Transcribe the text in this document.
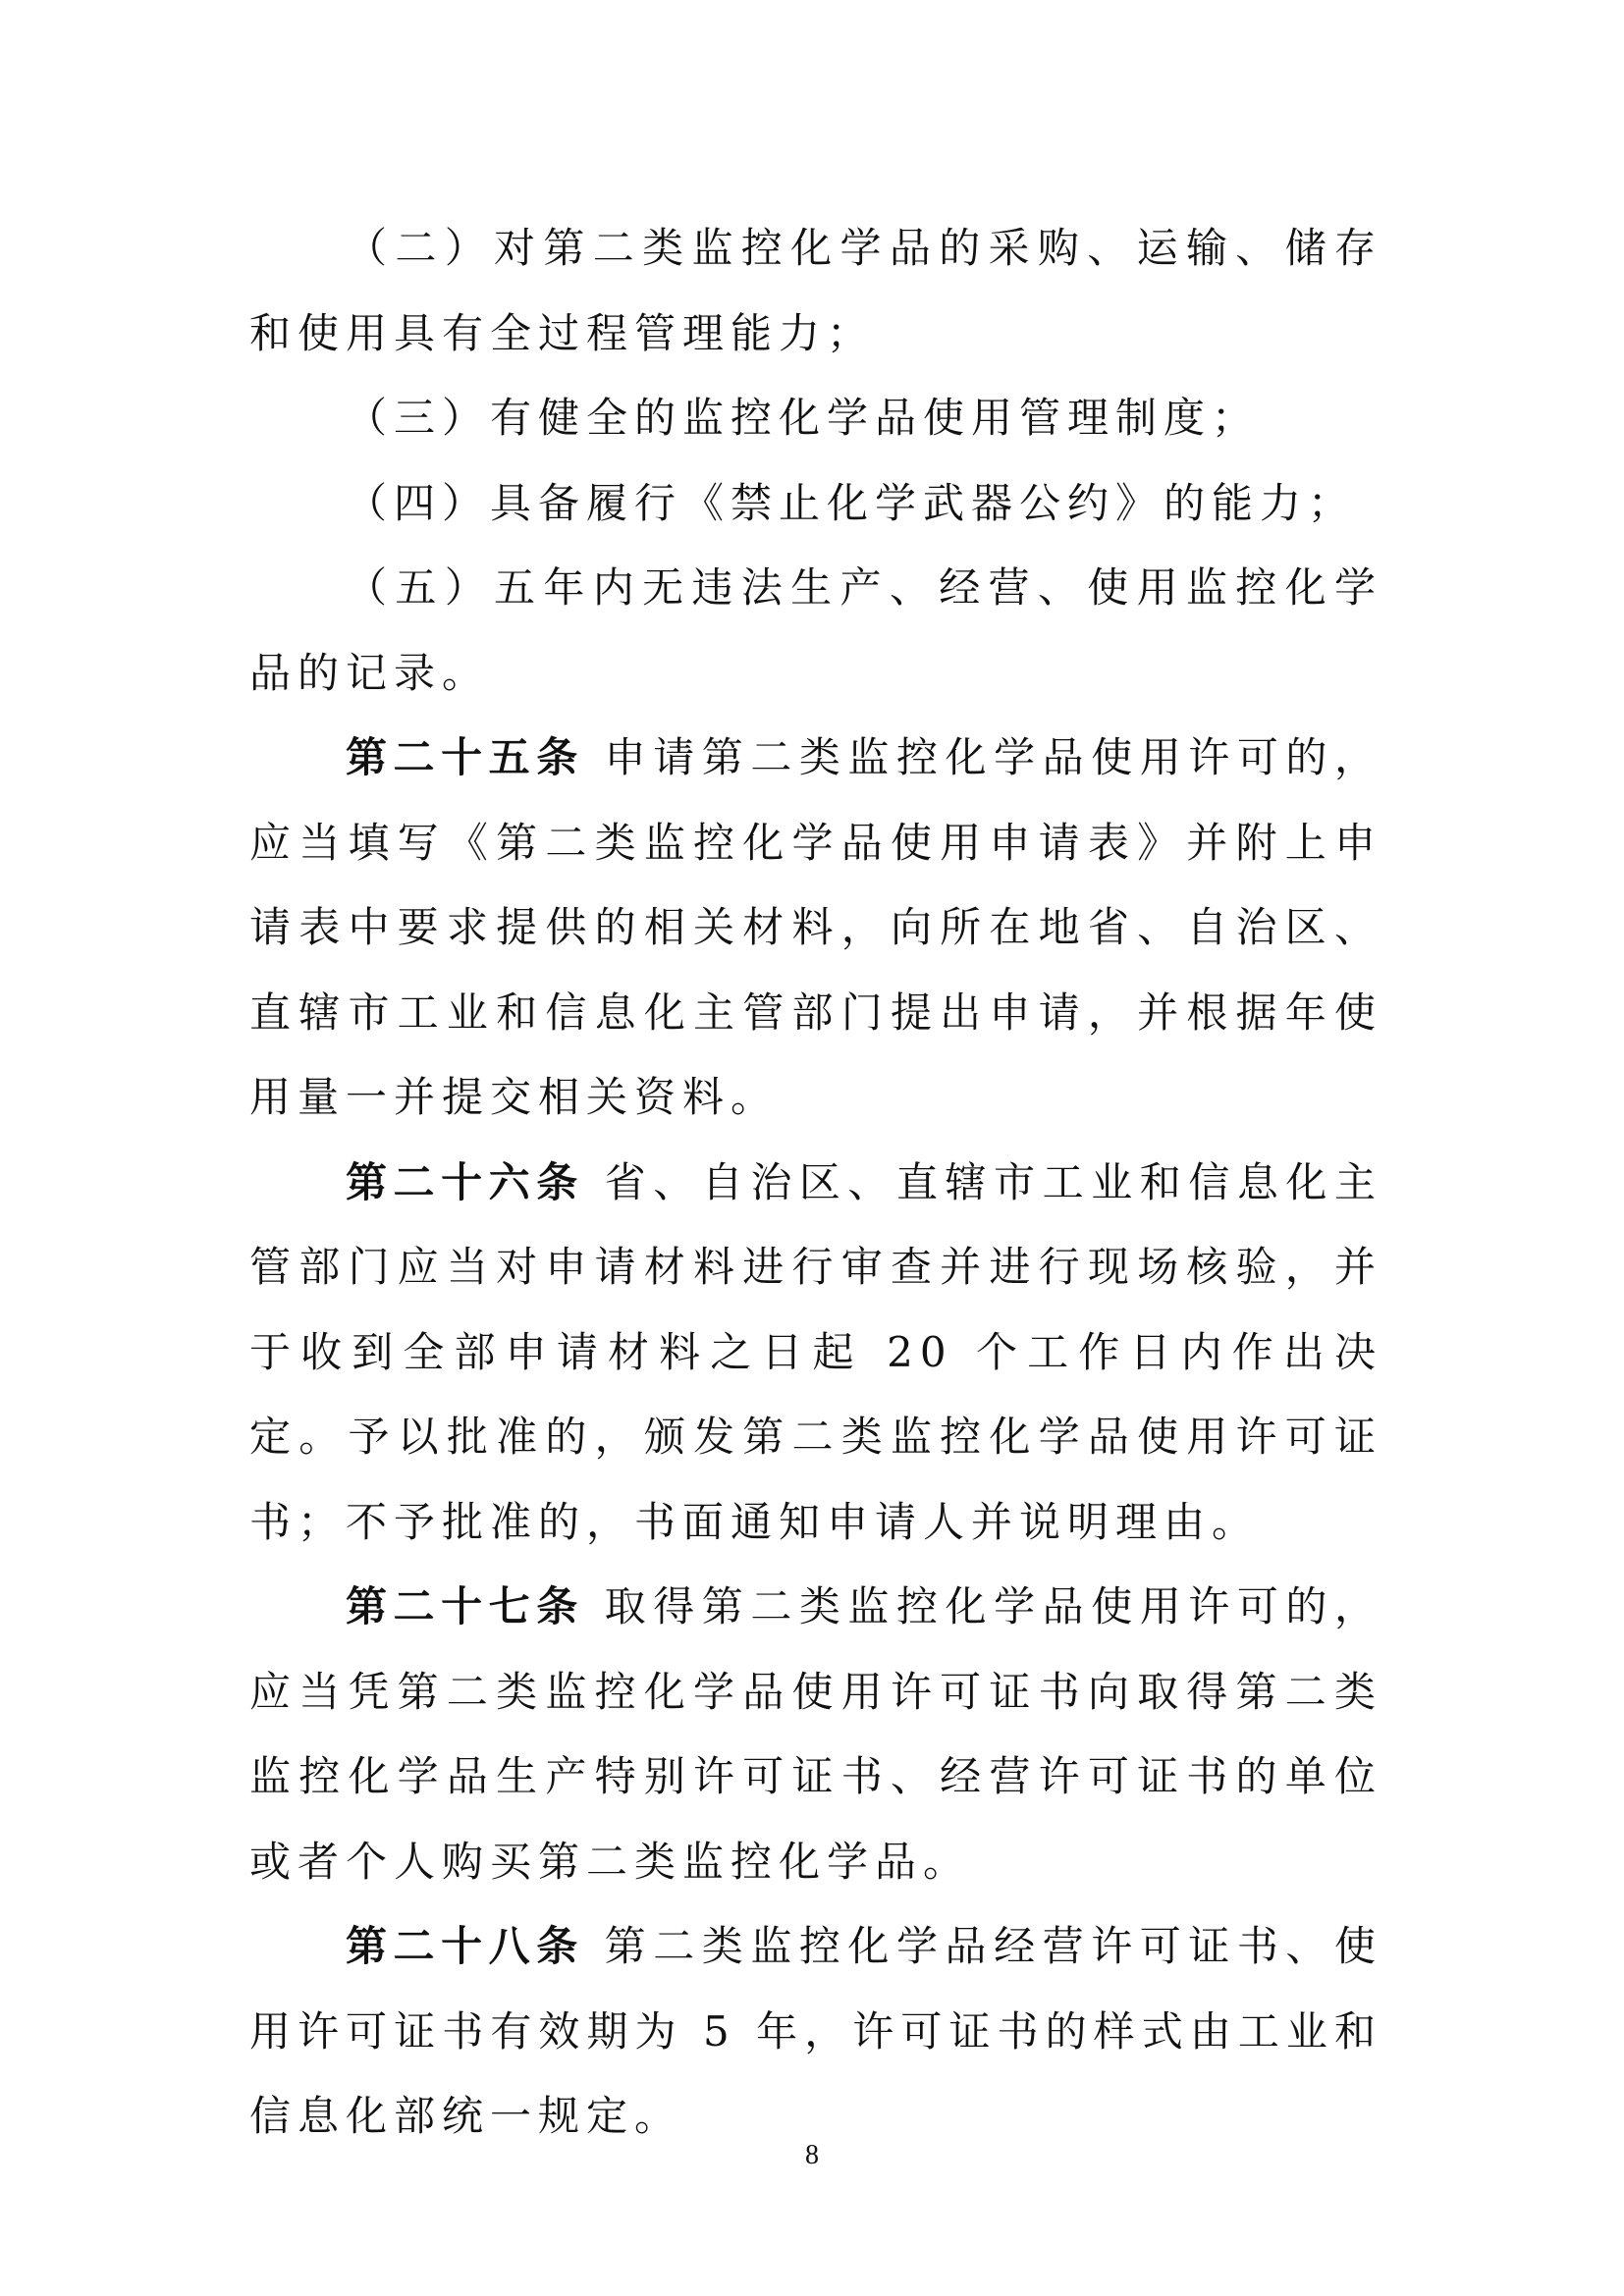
（二）对第二类监控化学品的采购、运输、储存和使用具有全过程管理能力；

（三）有健全的监控化学品使用管理制度；

（四）具备履行《禁止化学武器公约》的能力；

（五）五年内无违法生产、经营、使用监控化学品的记录。

第二十五条 申请第二类监控化学品使用许可的，应当填写《第二类监控化学品使用申请表》并附上申请表中要求提供的相关材料，向所在地省、自治区、直辖市工业和信息化主管部门提出申请，并根据年使用量一并提交相关资料。

第二十六条 省、自治区、直辖市工业和信息化主管部门应当对申请材料进行审查并进行现场核验，并于收到全部申请材料之日起 20 个工作日内作出决定。予以批准的，颁发第二类监控化学品使用许可证书；不予批准的，书面通知申请人并说明理由。

第二十七条 取得第二类监控化学品使用许可的，应当凭第二类监控化学品使用许可证书向取得第二类监控化学品生产特别许可证书、经营许可证书的单位或者个人购买第二类监控化学品。

第二十八条 第二类监控化学品经营许可证书、使用许可证书有效期为 5 年，许可证书的样式由工业和信息化部统一规定。

8
